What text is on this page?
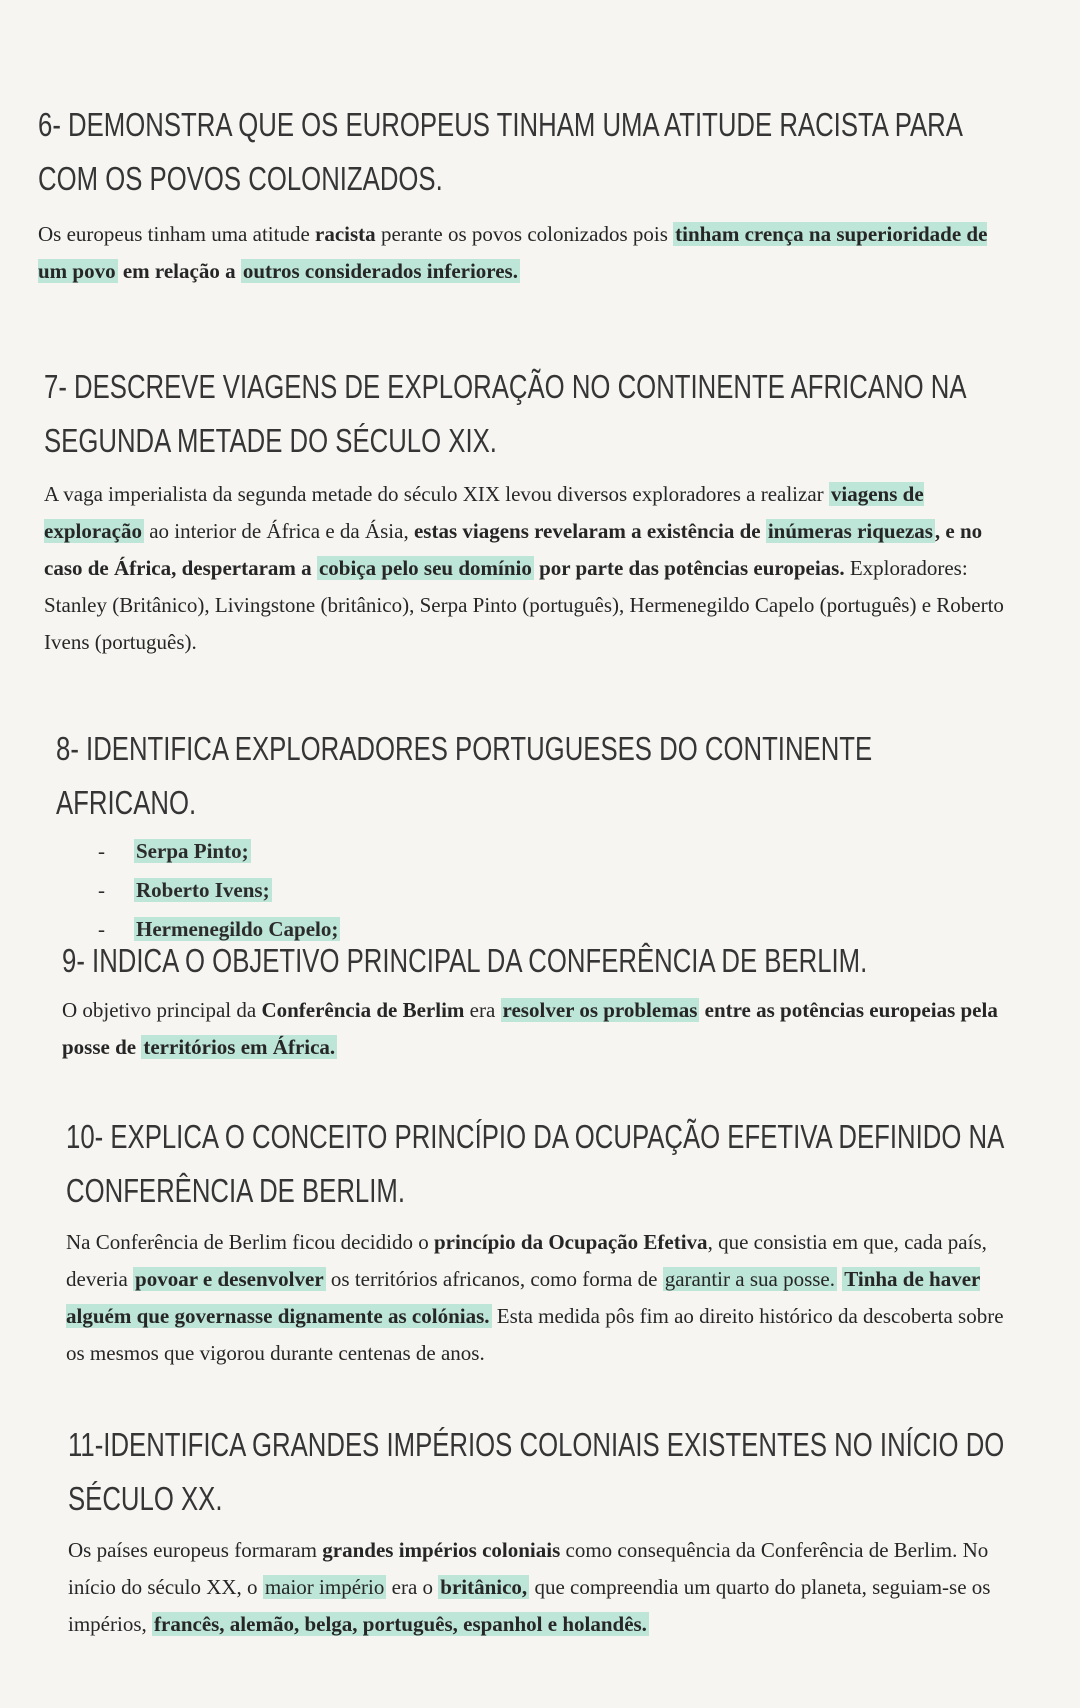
6- DEMONSTRA QUE OS EUROPEUS TINHAM UMA ATITUDE RACISTA PARA COM OS POVOS COLONIZADOS.

Os europeus tinham uma atitude racista perante os povos colonizados pois tinham crença na superioridade de um povo em relação a outros considerados inferiores.

7- DESCREVE VIAGENS DE EXPLORAÇÃO NO CONTINENTE AFRICANO NA SEGUNDA METADE DO SÉCULO XIX.

A vaga imperialista da segunda metade do século XIX levou diversos exploradores a realizar viagens de exploração ao interior de África e da Ásia, estas viagens revelaram a existência de inúmeras riquezas, e no caso de África, despertaram a cobiça pelo seu domínio por parte das potências europeias. Exploradores: Stanley (Britânico), Livingstone (britânico), Serpa Pinto (português), Hermenegildo Capelo (português) e Roberto Ivens (português).

8- IDENTIFICA EXPLORADORES PORTUGUESES DO CONTINENTE AFRICANO.
- Serpa Pinto;
- Roberto Ivens;
- Hermenegildo Capelo;
9- INDICA O OBJETIVO PRINCIPAL DA CONFERÊNCIA DE BERLIM.

O objetivo principal da Conferência de Berlim era resolver os problemas entre as potências europeias pela posse de territórios em África.

10- EXPLICA O CONCEITO PRINCÍPIO DA OCUPAÇÃO EFETIVA DEFINIDO NA CONFERÊNCIA DE BERLIM.

Na Conferência de Berlim ficou decidido o princípio da Ocupação Efetiva, que consistia em que, cada país, deveria povoar e desenvolver os territórios africanos, como forma de garantir a sua posse. Tinha de haver alguém que governasse dignamente as colónias. Esta medida pôs fim ao direito histórico da descoberta sobre os mesmos que vigorou durante centenas de anos.

11-IDENTIFICA GRANDES IMPÉRIOS COLONIAIS EXISTENTES NO INÍCIO DO SÉCULO XX.

Os países europeus formaram grandes impérios coloniais como consequência da Conferência de Berlim. No início do século XX, o maior império era o britânico, que compreendia um quarto do planeta, seguiam-se os impérios, francês, alemão, belga, português, espanhol e holandês.
